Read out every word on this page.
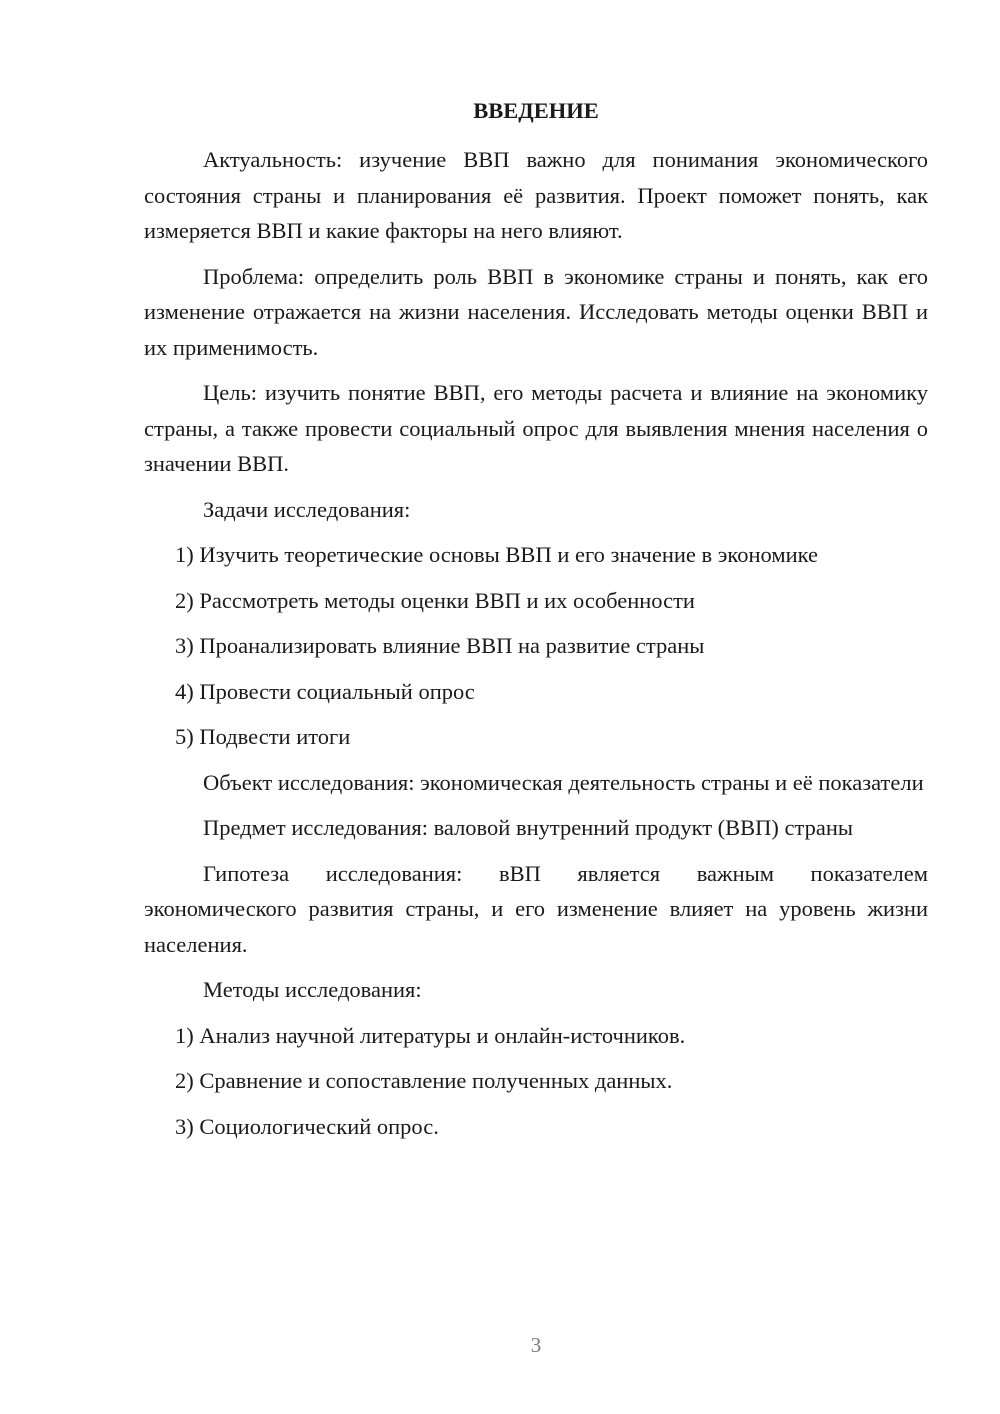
ВВЕДЕНИЕ

Актуальность: изучение ВВП важно для понимания экономического состояния страны и планирования её развития. Проект поможет понять, как измеряется ВВП и какие факторы на него влияют.

Проблема: определить роль ВВП в экономике страны и понять, как его изменение отражается на жизни населения. Исследовать методы оценки ВВП и их применимость.

Цель: изучить понятие ВВП, его методы расчета и влияние на экономику страны, а также провести социальный опрос для выявления мнения населения о значении ВВП.

Задачи исследования:
1) Изучить теоретические основы ВВП и его значение в экономике
2) Рассмотреть методы оценки ВВП и их особенности
3) Проанализировать влияние ВВП на развитие страны
4) Провести социальный опрос
5) Подвести итоги

Объект исследования: экономическая деятельность страны и её показатели

Предмет исследования: валовой внутренний продукт (ВВП) страны

Гипотеза исследования: вВП является важным показателем экономического развития страны, и его изменение влияет на уровень жизни населения.

Методы исследования:
1) Анализ научной литературы и онлайн-источников.
2) Сравнение и сопоставление полученных данных.
3) Социологический опрос.
3
